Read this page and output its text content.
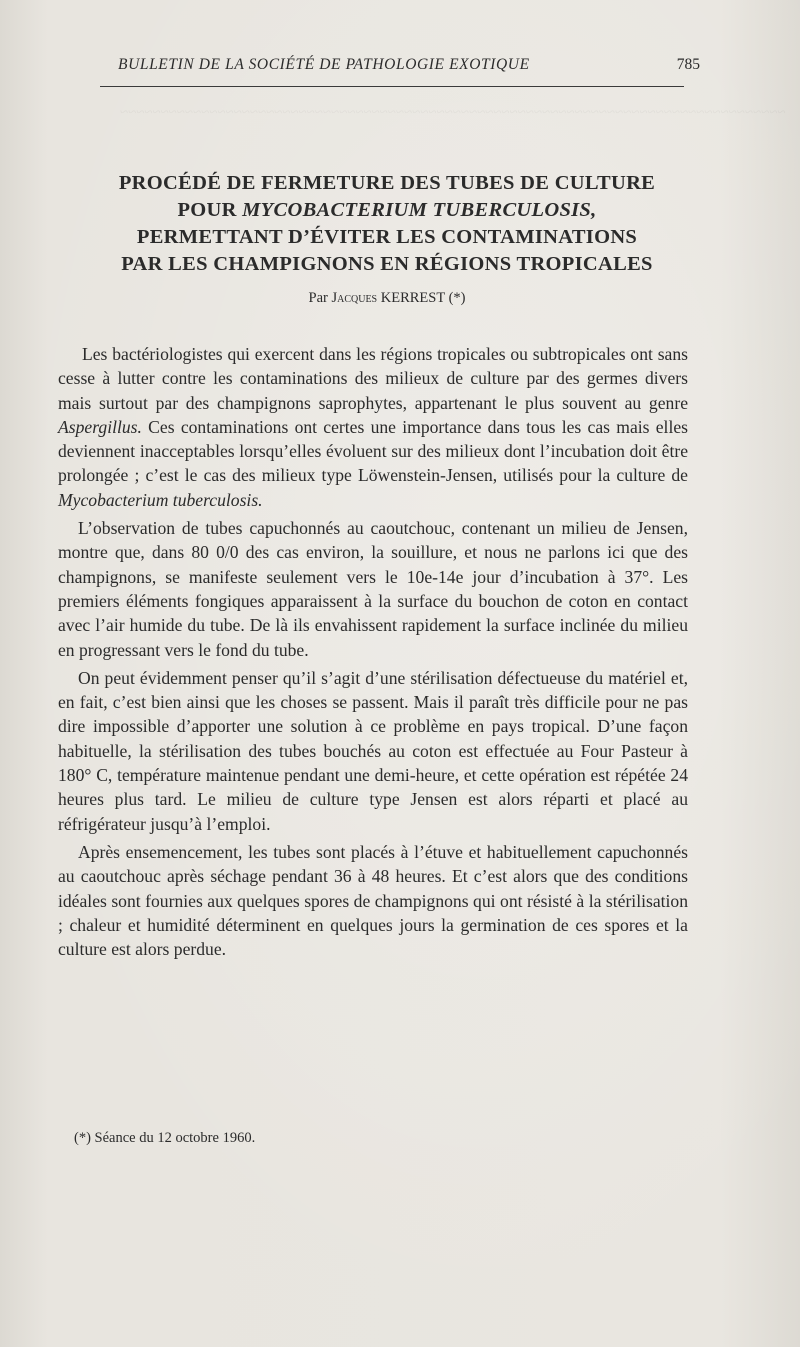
~~~~~~~~~~~~~~~~~~~~~~~~~~~~~~~~~~~~~~~~~~~~~~~~~~~~~~~~~~~~~~~~~~~~~~~~~~~~~~~~~~
BULLETIN DE LA SOCIÉTÉ DE PATHOLOGIE EXOTIQUE	785
PROCÉDÉ DE FERMETURE DES TUBES DE CULTURE
POUR MYCOBACTERIUM TUBERCULOSIS,
PERMETTANT D’ÉVITER LES CONTAMINATIONS
PAR LES CHAMPIGNONS EN RÉGIONS TROPICALES
Par Jacques KERREST (*)

Les bactériologistes qui exercent dans les régions tropicales ou subtropicales ont sans cesse à lutter contre les contaminations des milieux de culture par des germes divers mais surtout par des champignons saprophytes, appartenant le plus souvent au genre Aspergillus. Ces contaminations ont certes une importance dans tous les cas mais elles deviennent inacceptables lorsqu’elles évoluent sur des milieux dont l’incubation doit être prolongée ; c’est le cas des milieux type Löwenstein-Jensen, utilisés pour la culture de Mycobacterium tuberculosis.

L’observation de tubes capuchonnés au caoutchouc, contenant un milieu de Jensen, montre que, dans 80 0/0 des cas environ, la souillure, et nous ne parlons ici que des champignons, se manifeste seulement vers le 10e-14e jour d’incubation à 37°. Les premiers éléments fongiques apparaissent à la surface du bouchon de coton en contact avec l’air humide du tube. De là ils envahissent rapidement la surface inclinée du milieu en progressant vers le fond du tube.

On peut évidemment penser qu’il s’agit d’une stérilisation défectueuse du matériel et, en fait, c’est bien ainsi que les choses se passent. Mais il paraît très difficile pour ne pas dire impossible d’apporter une solution à ce problème en pays tropical. D’une façon habituelle, la stérilisation des tubes bouchés au coton est effectuée au Four Pasteur à 180° C, température maintenue pendant une demi-heure, et cette opération est répétée 24 heures plus tard. Le milieu de culture type Jensen est alors réparti et placé au réfrigérateur jusqu’à l’emploi.

Après ensemencement, les tubes sont placés à l’étuve et habituellement capuchonnés au caoutchouc après séchage pendant 36 à 48 heures. Et c’est alors que des conditions idéales sont fournies aux quelques spores de champignons qui ont résisté à la stérilisation ; chaleur et humidité déterminent en quelques jours la germination de ces spores et la culture est alors perdue.

(*) Séance du 12 octobre 1960.
